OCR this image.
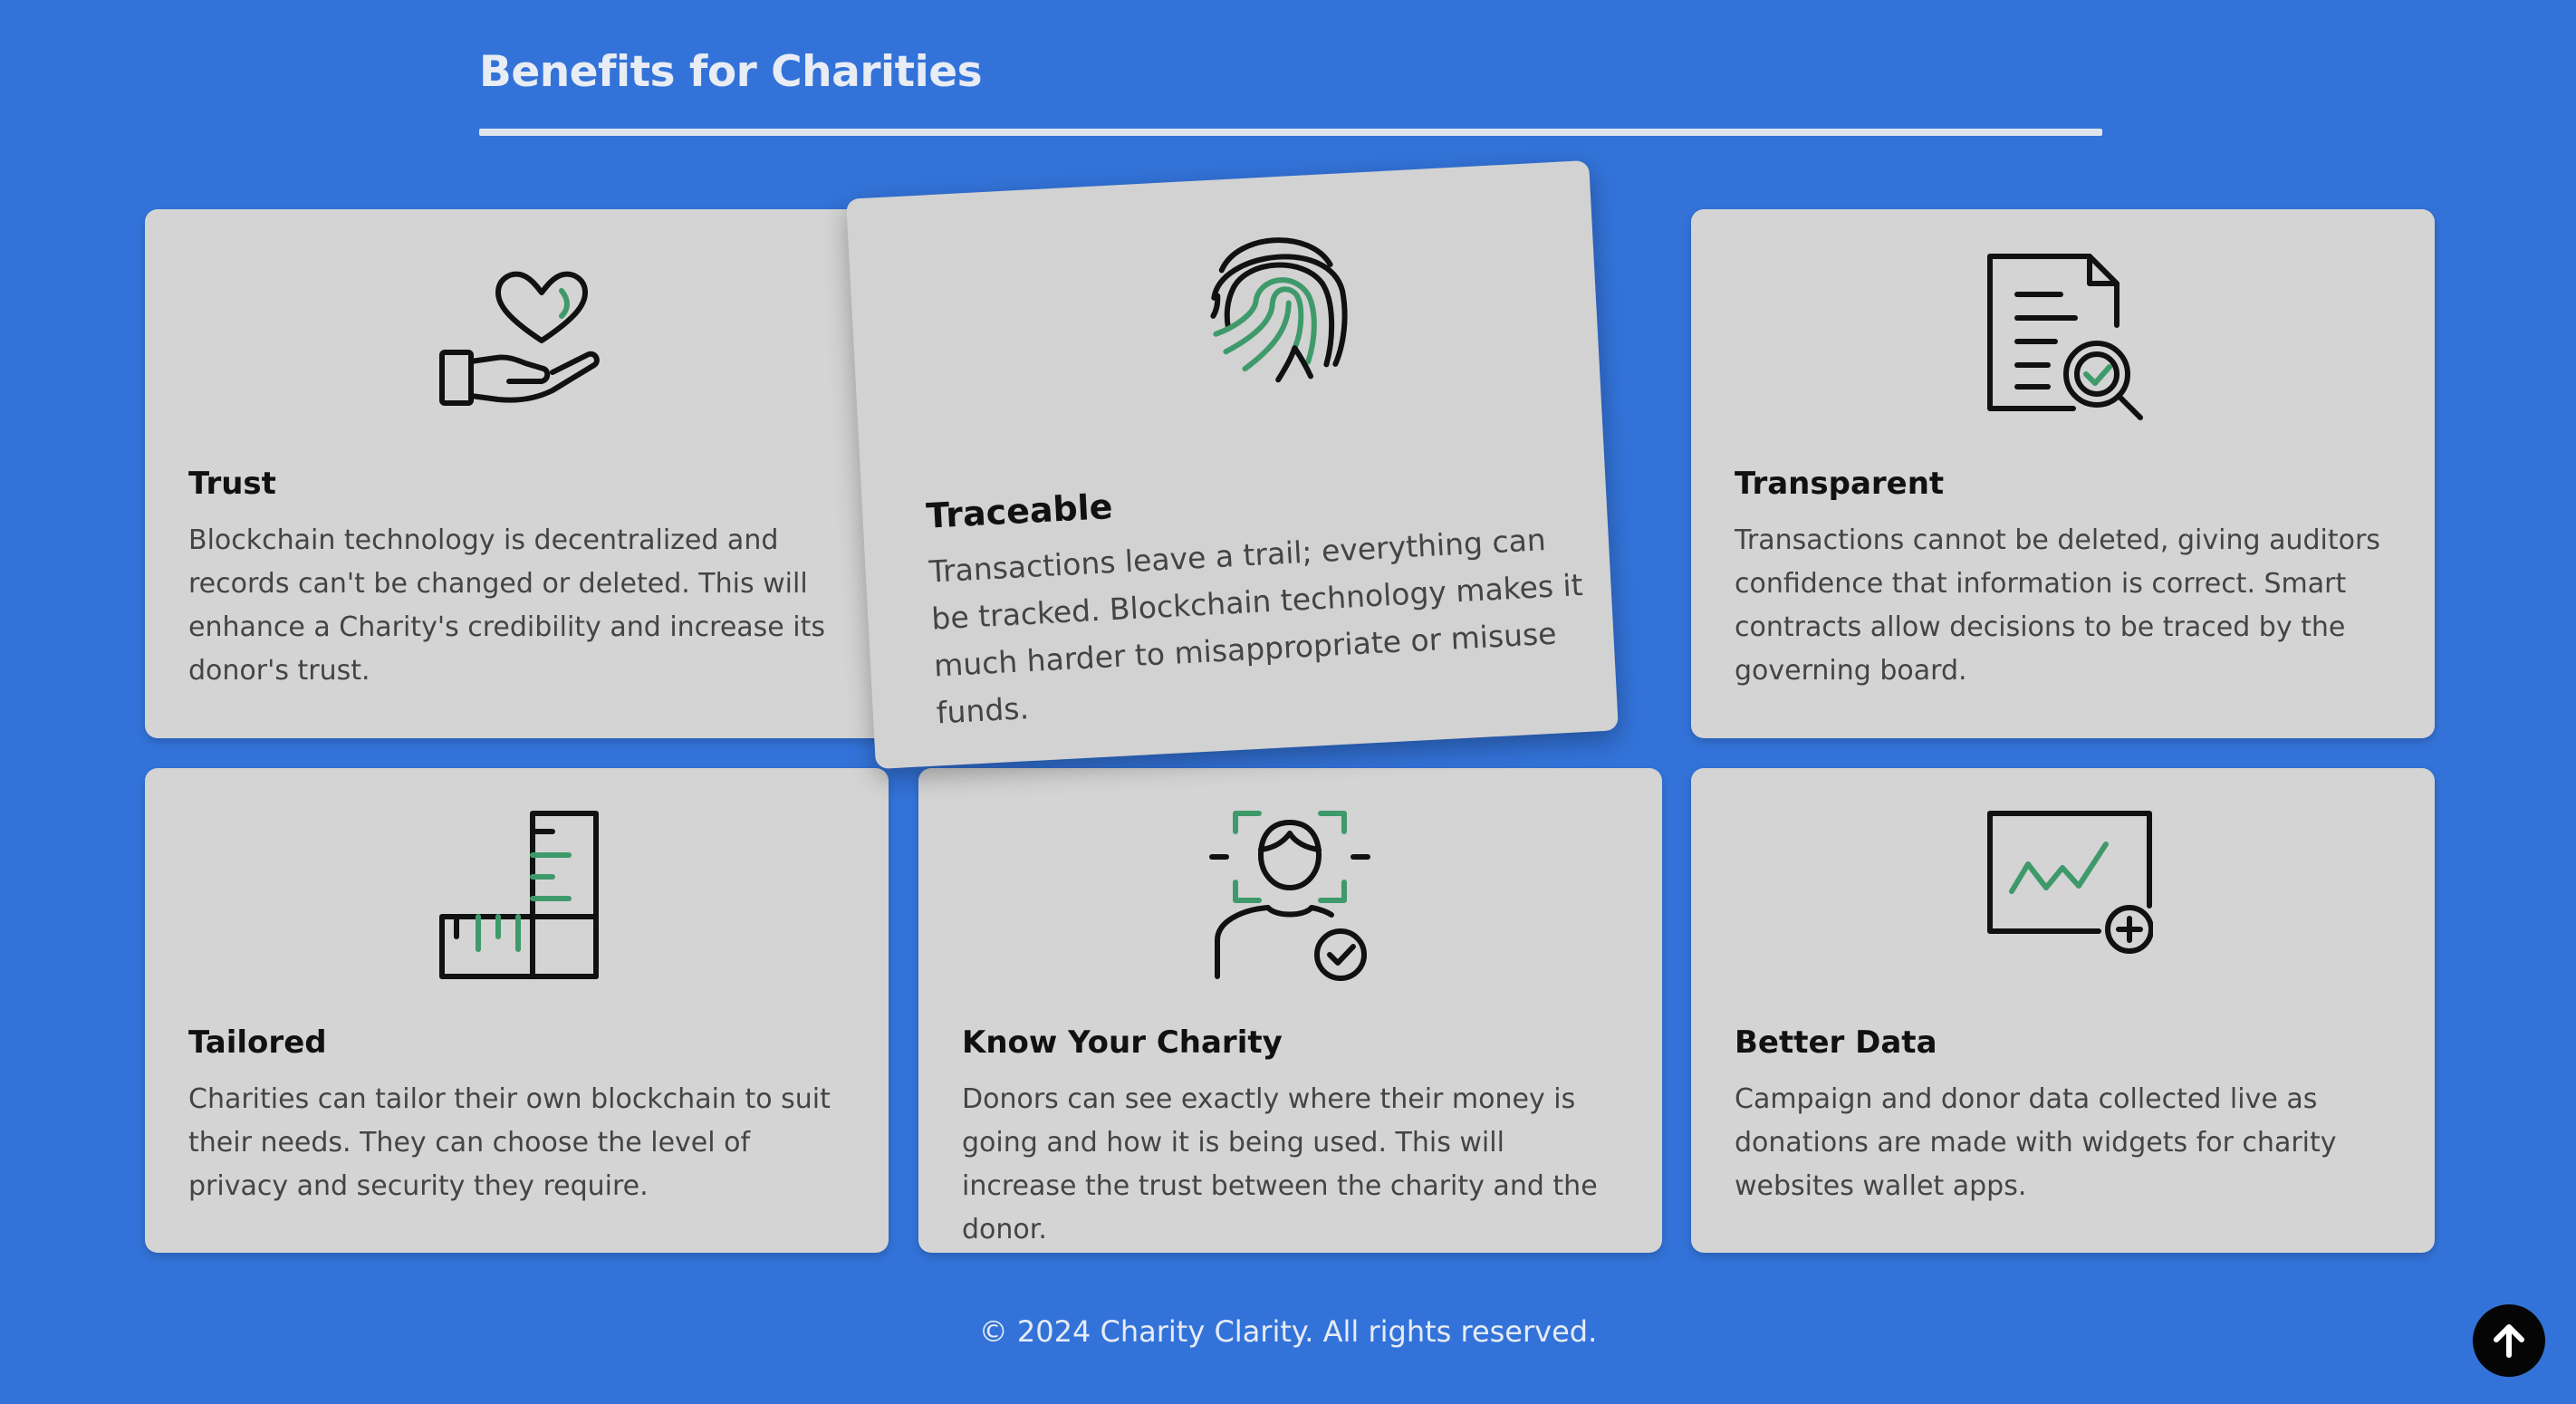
Benefits for Charities
Trust

Blockchain technology is decentralized and records can't be changed or deleted. This will enhance a Charity's credibility and increase its donor's trust.

Traceable

Transactions leave a trail; everything can be tracked. Blockchain technology makes it much harder to misappropriate or misuse funds.

Transparent

Transactions cannot be deleted, giving auditors confidence that information is correct. Smart contracts allow decisions to be traced by the governing board.

Tailored

Charities can tailor their own blockchain to suit their needs. They can choose the level of privacy and security they require.

Know Your Charity

Donors can see exactly where their money is going and how it is being used. This will increase the trust between the charity and the donor.

Better Data

Campaign and donor data collected live as donations are made with widgets for charity websites wallet apps.

© 2024 Charity Clarity. All rights reserved.
